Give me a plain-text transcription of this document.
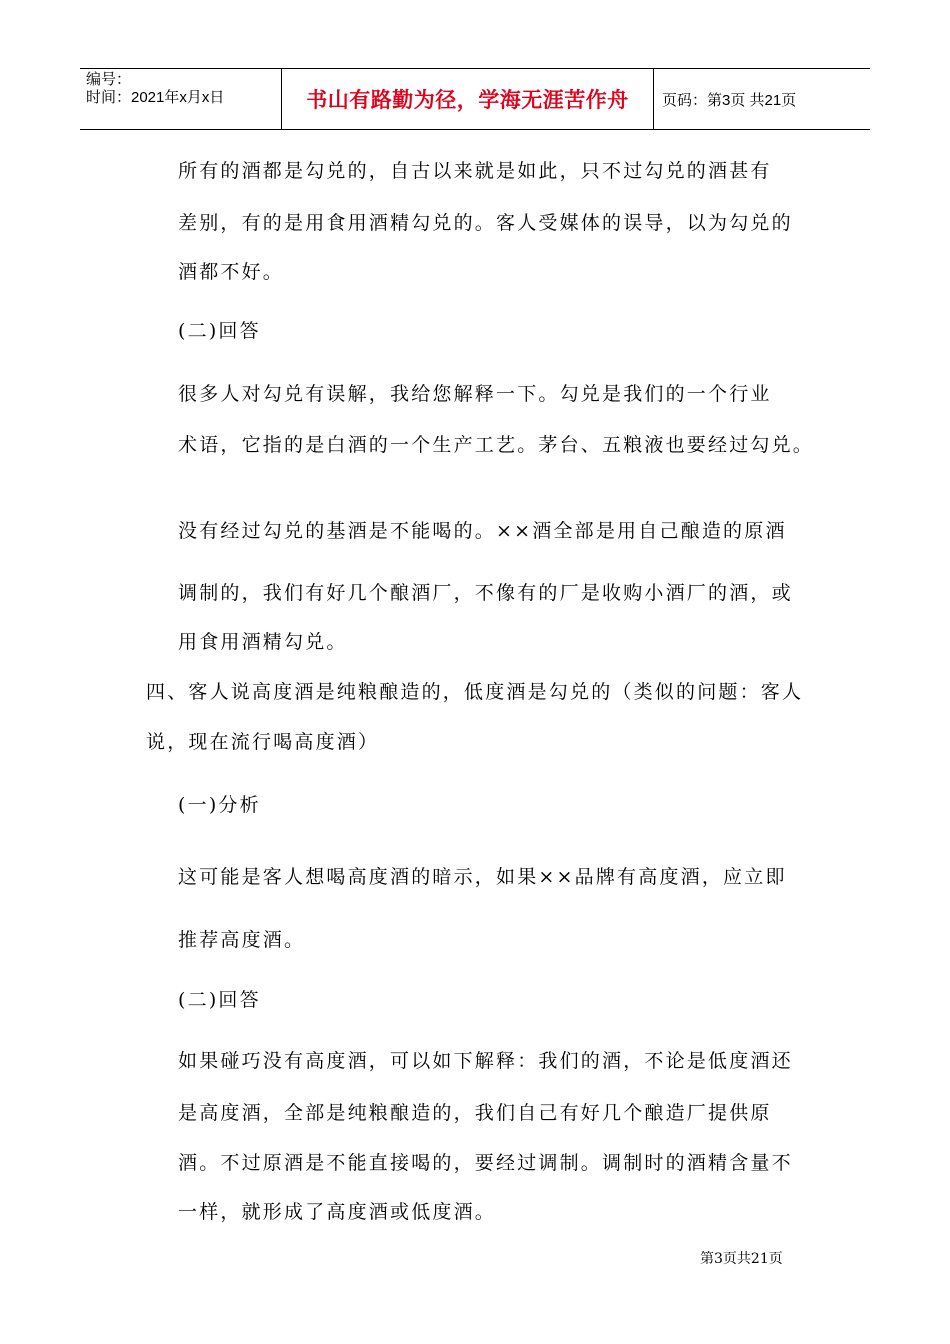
编号：
时间：2021年x月x日	书山有路勤为径，学海无涯苦作舟 页码：第3页 共21页
所有的酒都是勾兑的，自古以来就是如此，只不过勾兑的酒甚有
差别，有的是用食用酒精勾兑的。客人受媒体的误导，以为勾兑的
酒都不好。
(二)回答
很多人对勾兑有误解，我给您解释一下。勾兑是我们的一个行业
术语，它指的是白酒的一个生产工艺。茅台、五粮液也要经过勾兑。
没有经过勾兑的基酒是不能喝的。××酒全部是用自己酿造的原酒
调制的，我们有好几个酿酒厂，不像有的厂是收购小酒厂的酒，或
用食用酒精勾兑。
四、客人说高度酒是纯粮酿造的，低度酒是勾兑的（类似的问题：客人
说，现在流行喝高度酒）
(一)分析
这可能是客人想喝高度酒的暗示，如果××品牌有高度酒，应立即
推荐高度酒。
(二)回答
如果碰巧没有高度酒，可以如下解释：我们的酒，不论是低度酒还
是高度酒，全部是纯粮酿造的，我们自己有好几个酿造厂提供原
酒。不过原酒是不能直接喝的，要经过调制。调制时的酒精含量不
一样，就形成了高度酒或低度酒。
第3页共21页
